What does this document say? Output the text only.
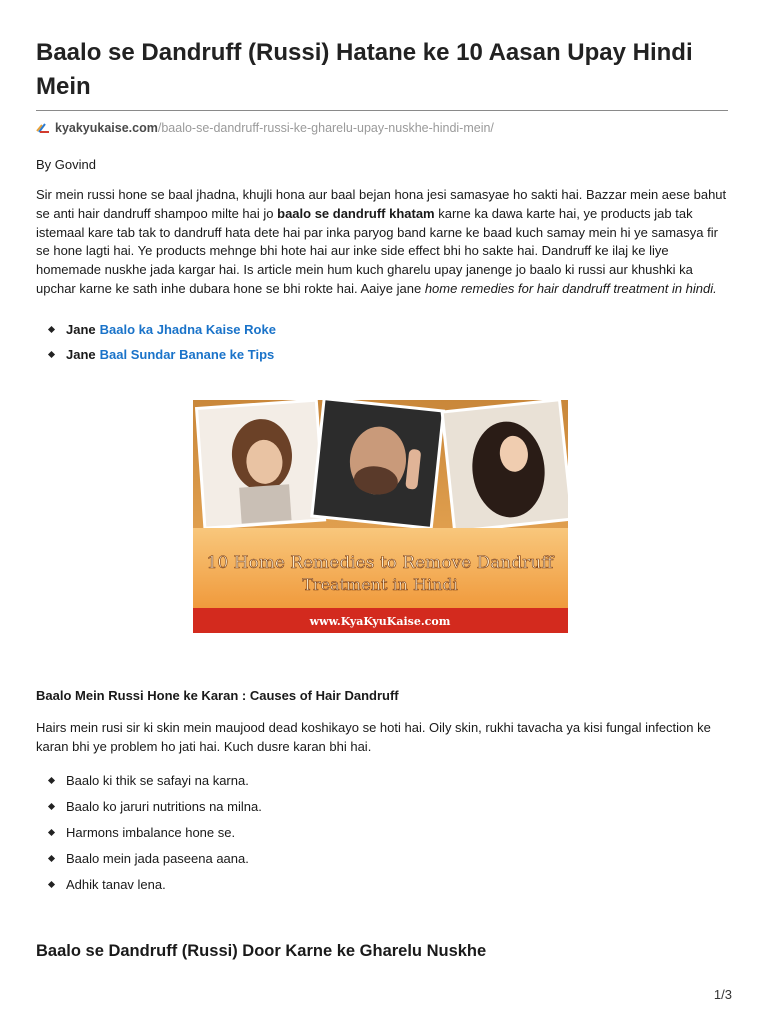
Baalo se Dandruff (Russi) Hatane ke 10 Aasan Upay Hindi Mein
kyakyukaise.com /baalo-se-dandruff-russi-ke-gharelu-upay-nuskhe-hindi-mein/
By Govind
Sir mein russi hone se baal jhadna, khujli hona aur baal bejan hona jesi samasyae ho sakti hai. Bazzar mein aese bahut se anti hair dandruff shampoo milte hai jo baalo se dandruff khatam karne ka dawa karte hai, ye products jab tak istemaal kare tab tak to dandruff hata dete hai par inka paryog band karne ke baad kuch samay mein hi ye samasya fir se hone lagti hai. Ye products mehnge bhi hote hai aur inke side effect bhi ho sakte hai. Dandruff ke ilaj ke liye homemade nuskhe jada kargar hai. Is article mein hum kuch gharelu upay janenge jo baalo ki russi aur khushki ka upchar karne ke sath inhe dubara hone se bhi rokte hai. Aaiye jane home remedies for hair dandruff treatment in hindi.
Jane Baalo ka Jhadna Kaise Roke
Jane Baal Sundar Banane ke Tips
10 Home Remedies to Remove Dandruff
Treatment in Hindi
www.KyaKyuKaise.com
Baalo Mein Russi Hone ke Karan : Causes of Hair Dandruff
Hairs mein rusi sir ki skin mein maujood dead koshikayo se hoti hai. Oily skin, rukhi tavacha ya kisi fungal infection ke karan bhi ye problem ho jati hai. Kuch dusre karan bhi hai.
Baalo ki thik se safayi na karna.
Baalo ko jaruri nutritions na milna.
Harmons imbalance hone se.
Baalo mein jada paseena aana.
Adhik tanav lena.
Baalo se Dandruff (Russi) Door Karne ke Gharelu Nuskhe
1/3
